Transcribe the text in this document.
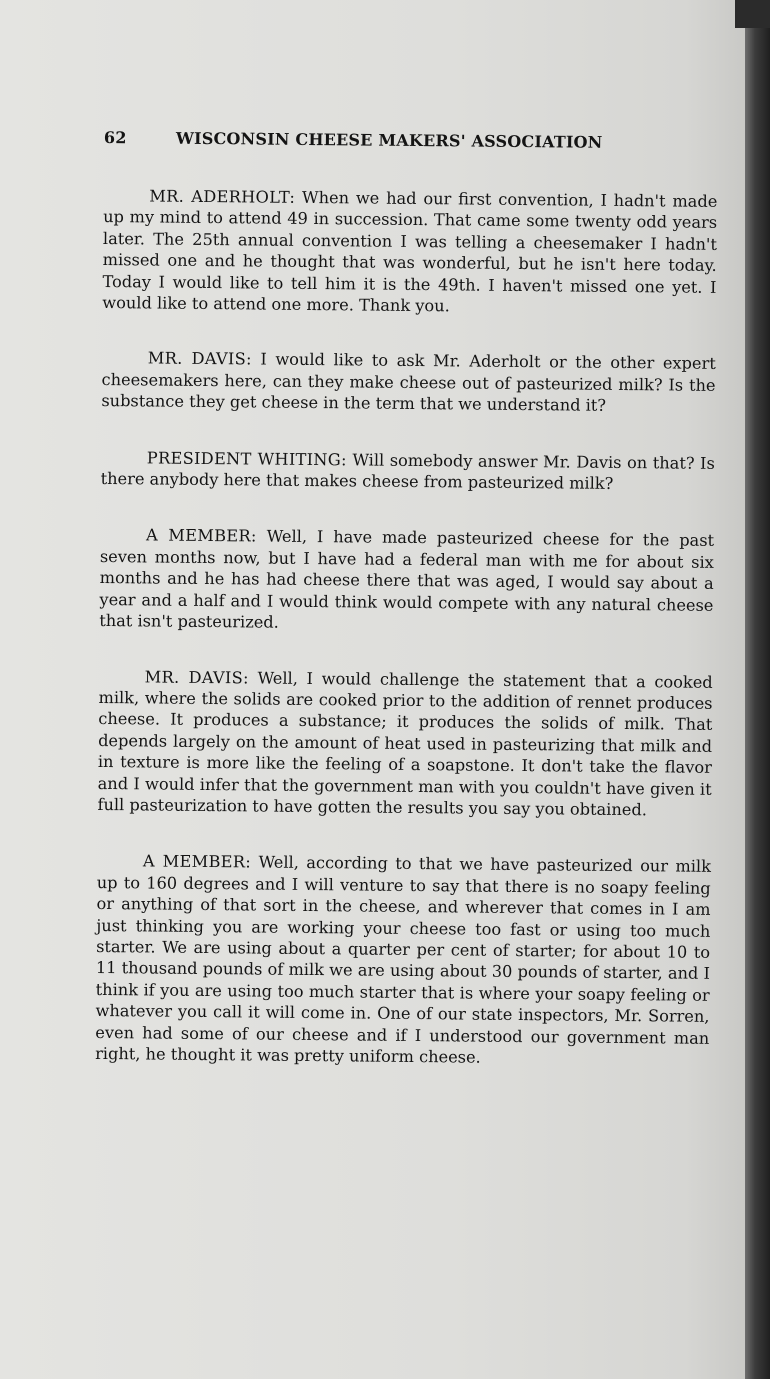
62	WISCONSIN CHEESE MAKERS' ASSOCIATION

MR. ADERHOLT: When we had our first convention, I hadn't made up my mind to attend 49 in succession. That came some twenty odd years later. The 25th annual convention I was telling a cheesemaker I hadn't missed one and he thought that was wonderful, but he isn't here today. Today I would like to tell him it is the 49th. I haven't missed one yet. I would like to attend one more. Thank you.

MR. DAVIS: I would like to ask Mr. Aderholt or the other expert cheesemakers here, can they make cheese out of pasteurized milk? Is the substance they get cheese in the term that we understand it?

PRESIDENT WHITING: Will somebody answer Mr. Davis on that? Is there anybody here that makes cheese from pasteurized milk?

A MEMBER: Well, I have made pasteurized cheese for the past seven months now, but I have had a federal man with me for about six months and he has had cheese there that was aged, I would say about a year and a half and I would think would compete with any natural cheese that isn't pasteurized.

MR. DAVIS: Well, I would challenge the statement that a cooked milk, where the solids are cooked prior to the addition of rennet produces cheese. It produces a substance; it produces the solids of milk. That depends largely on the amount of heat used in pasteurizing that milk and in texture is more like the feeling of a soapstone. It don't take the flavor and I would infer that the government man with you couldn't have given it full pasteurization to have gotten the results you say you obtained.

A MEMBER: Well, according to that we have pasteurized our milk up to 160 degrees and I will venture to say that there is no soapy feeling or anything of that sort in the cheese, and wherever that comes in I am just thinking you are working your cheese too fast or using too much starter. We are using about a quarter per cent of starter; for about 10 to 11 thousand pounds of milk we are using about 30 pounds of starter, and I think if you are using too much starter that is where your soapy feeling or whatever you call it will come in. One of our state inspectors, Mr. Sorren, even had some of our cheese and if I understood our government man right, he thought it was pretty uniform cheese.
